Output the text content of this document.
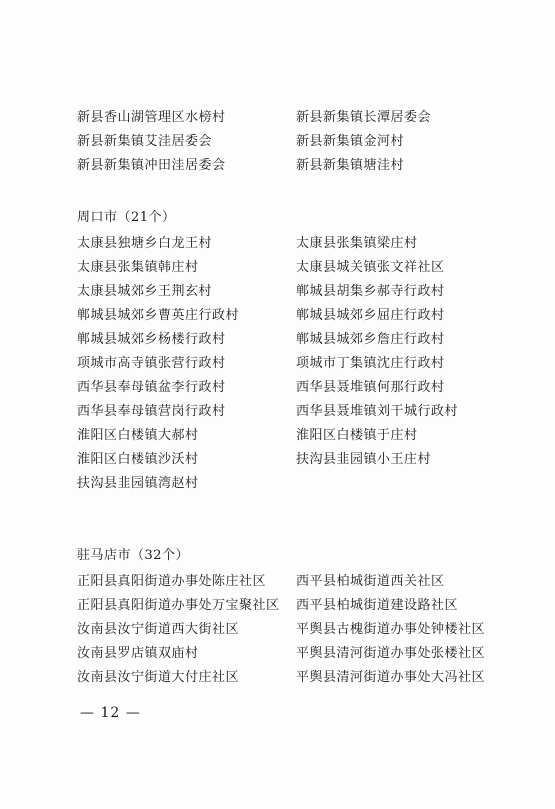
新县香山湖管理区水榜村	新县新集镇长潭居委会
新县新集镇艾洼居委会	新县新集镇金河村
新县新集镇冲田洼居委会	新县新集镇塘洼村
周口市（21个）
太康县独塘乡白龙王村	太康县张集镇梁庄村
太康县张集镇韩庄村	太康县城关镇张文祥社区
太康县城郊乡王荆玄村	郸城县胡集乡郝寺行政村
郸城县城郊乡曹英庄行政村	郸城县城郊乡屈庄行政村
郸城县城郊乡杨楼行政村	郸城县城郊乡詹庄行政村
项城市高寺镇张营行政村	项城市丁集镇沈庄行政村
西华县奉母镇盆李行政村	西华县聂堆镇何那行政村
西华县奉母镇营岗行政村	西华县聂堆镇刘干城行政村
淮阳区白楼镇大郝村	淮阳区白楼镇于庄村
淮阳区白楼镇沙沃村	扶沟县韭园镇小王庄村
扶沟县韭园镇湾赵村
驻马店市（32个）
正阳县真阳街道办事处陈庄社区 西平县柏城街道西关社区
正阳县真阳街道办事处万宝聚社区 西平县柏城街道建设路社区
汝南县汝宁街道西大街社区	平舆县古槐街道办事处钟楼社区
汝南县罗店镇双庙村	平舆县清河街道办事处张楼社区
汝南县汝宁街道大付庄社区	平舆县清河街道办事处大冯社区
— 12 —
